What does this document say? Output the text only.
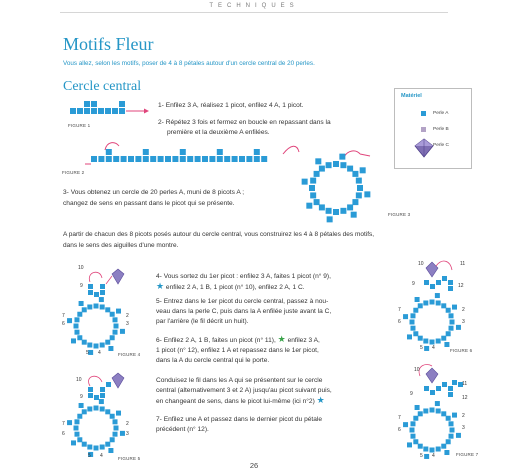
TECHNIQUES
Motifs Fleur
Vous allez, selon les motifs, poser de 4 à 8 pétales autour d'un cercle central de 20 perles.
Cercle central
Matériel
Perle A
Perle B
Perle C
FIGURE 1
1- Enfilez 3 A, réalisez 1 picot, enfilez 4 A, 1 picot.
2- Répétez 3 fois et fermez en boucle en repassant dans la
première et la deuxième A enfilées.
FIGURE 2
3- Vous obtenez un cercle de 20 perles A, muni de 8 picots A ;
changez de sens en passant dans le picot qui se présente.
FIGURE 3
A partir de chacun des 8 picots posés autour du cercle central, vous construirez les 4 à 8 pétales des motifs,
dans le sens des aiguilles d'une montre.
10
9
7
6
2
3
5 4	FIGURE 4
10
9
7
6
2
3
5 4	FIGURE 5
4- Vous sortez du 1er picot : enfilez 3 A, faites 1 picot (n° 9),
★ enfilez 2 A, 1 B, 1 picot (n° 10), enfilez 2 A, 1 C.
5- Entrez dans le 1er picot du cercle central, passez à nou-
veau dans la perle C, puis dans la A enfilée juste avant la C,
par l'arrière (le fil décrit un huit).
6- Enfilez 2 A, 1 B, faites un picot (n° 11), ★ enfilez 3 A,
1 picot (n° 12), enfilez 1 A et repassez dans le 1er picot,
dans la A du cercle central qui le porte.
Conduisez le fil dans les A qui se présentent sur le cercle
central (alternativement 3 et 2 A) jusqu'au picot suivant puis,
en changeant de sens, dans le picot lui-même (ici n°2) ★
7- Enfilez une A et passez dans le dernier picot du pétale
précédent (n° 12).
10	11
12
9
7
6
2
3
5 4	FIGURE 6
10
11
12
9
7
6
2
3
5 4	FIGURE 7
26
